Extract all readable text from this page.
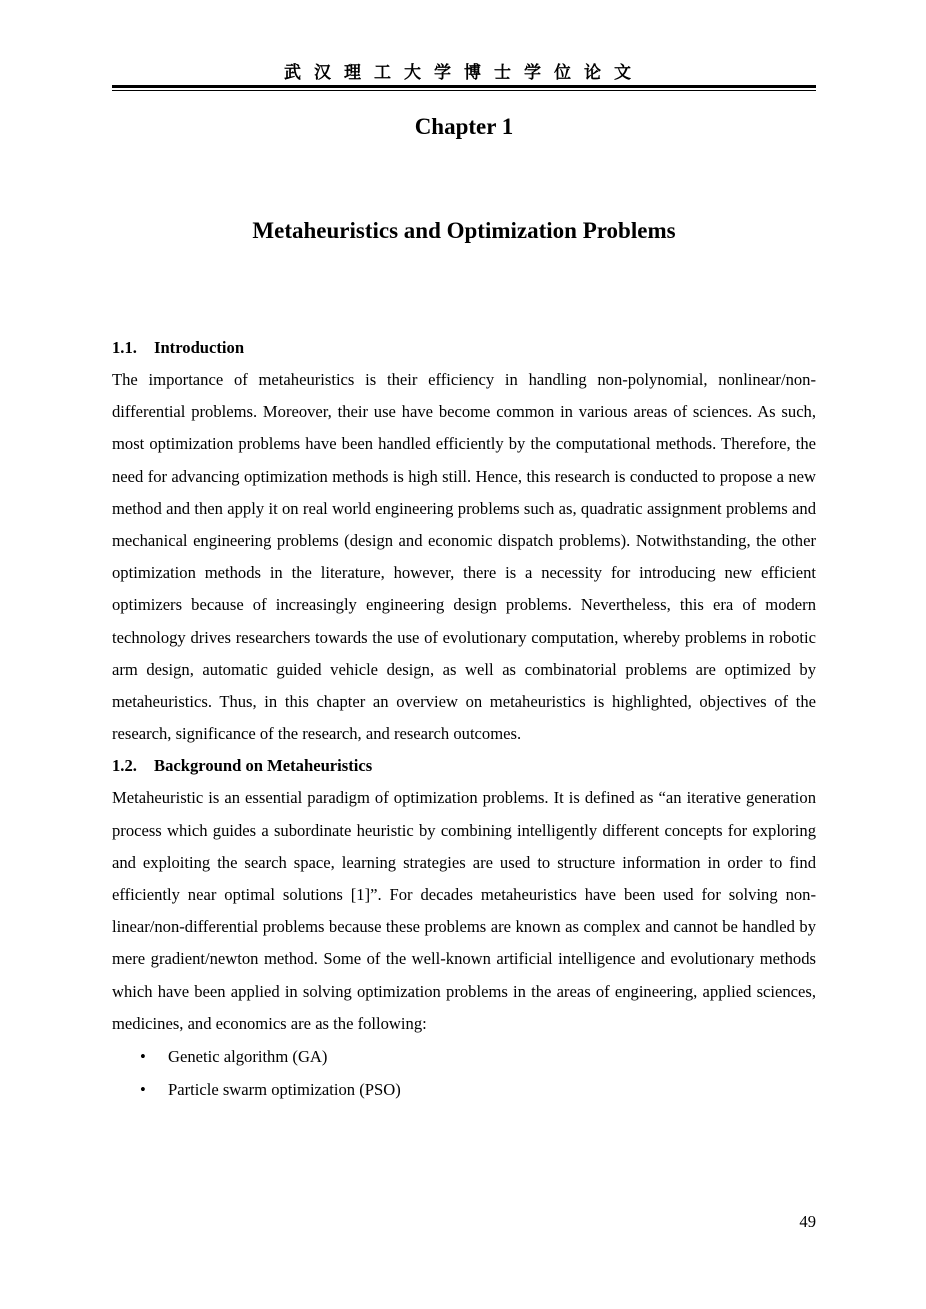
武汉理工大学博士学位论文
Chapter 1
Metaheuristics and Optimization Problems
1.1. Introduction

The importance of metaheuristics is their efficiency in handling non-polynomial, nonlinear/non-differential problems. Moreover, their use have become common in various areas of sciences. As such, most optimization problems have been handled efficiently by the computational methods. Therefore, the need for advancing optimization methods is high still. Hence, this research is conducted to propose a new method and then apply it on real world engineering problems such as, quadratic assignment problems and mechanical engineering problems (design and economic dispatch problems). Notwithstanding, the other optimization methods in the literature, however, there is a necessity for introducing new efficient optimizers because of increasingly engineering design problems. Nevertheless, this era of modern technology drives researchers towards the use of evolutionary computation, whereby problems in robotic arm design, automatic guided vehicle design, as well as combinatorial problems are optimized by metaheuristics. Thus, in this chapter an overview on metaheuristics is highlighted, objectives of the research, significance of the research, and research outcomes.

1.2. Background on Metaheuristics

Metaheuristic is an essential paradigm of optimization problems. It is defined as “an iterative generation process which guides a subordinate heuristic by combining intelligently different concepts for exploring and exploiting the search space, learning strategies are used to structure information in order to find efficiently near optimal solutions [1]”. For decades metaheuristics have been used for solving non-linear/non-differential problems because these problems are known as complex and cannot be handled by mere gradient/newton method. Some of the well-known artificial intelligence and evolutionary methods which have been applied in solving optimization problems in the areas of engineering, applied sciences, medicines, and economics are as the following:

• Genetic algorithm (GA)
• Particle swarm optimization (PSO)
49
